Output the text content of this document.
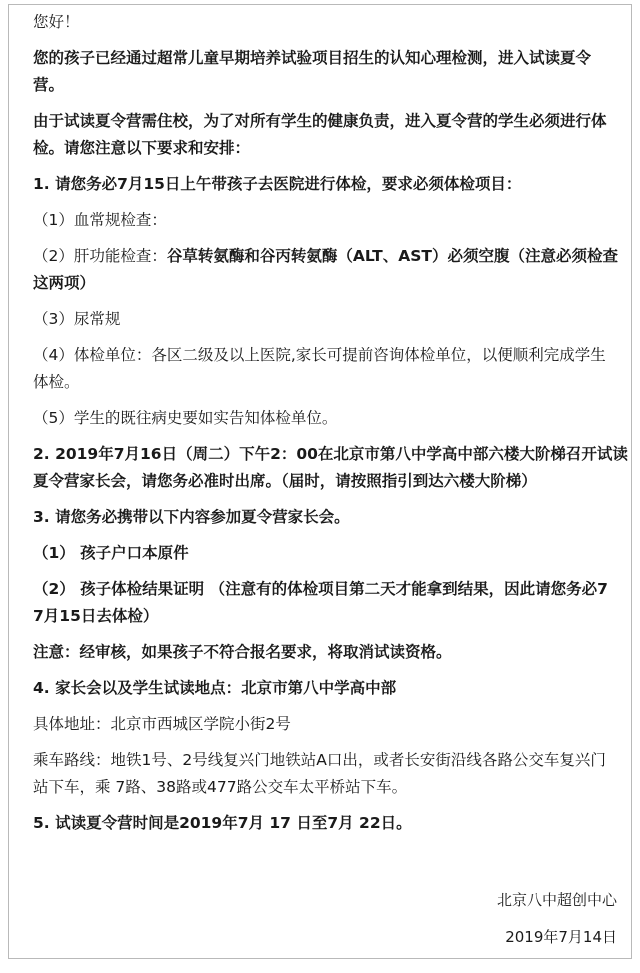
您好！
您的孩子已经通过超常儿童早期培养试验项目招生的认知心理检测，进入试读夏令
营。
由于试读夏令营需住校，为了对所有学生的健康负责，进入夏令营的学生必须进行体
检。请您注意以下要求和安排：
1. 请您务必7月15日上午带孩子去医院进行体检，要求必须体检项目：
（1）血常规检查：
（2）肝功能检查：谷草转氨酶和谷丙转氨酶（ALT、AST）必须空腹（注意必须检查
这两项）
（3）尿常规
（4）体检单位：各区二级及以上医院,家长可提前咨询体检单位，以便顺利完成学生
体检。
（5）学生的既往病史要如实告知体检单位。
2. 2019年7月16日（周二）下午2：00在北京市第八中学高中部六楼大阶梯召开试读
夏令营家长会，请您务必准时出席。（届时，请按照指引到达六楼大阶梯）
3. 请您务必携带以下内容参加夏令营家长会。
（1） 孩子户口本原件
（2） 孩子体检结果证明 （注意有的体检项目第二天才能拿到结果，因此请您务必7
7月15日去体检）
注意：经审核，如果孩子不符合报名要求，将取消试读资格。
4. 家长会以及学生试读地点：北京市第八中学高中部
具体地址：北京市西城区学院小街2号
乘车路线：地铁1号、2号线复兴门地铁站A口出，或者长安街沿线各路公交车复兴门
站下车，乘 7路、38路或477路公交车太平桥站下车。
5. 试读夏令营时间是2019年7月 17 日至7月 22日。
北京八中超创中心
2019年7月14日
